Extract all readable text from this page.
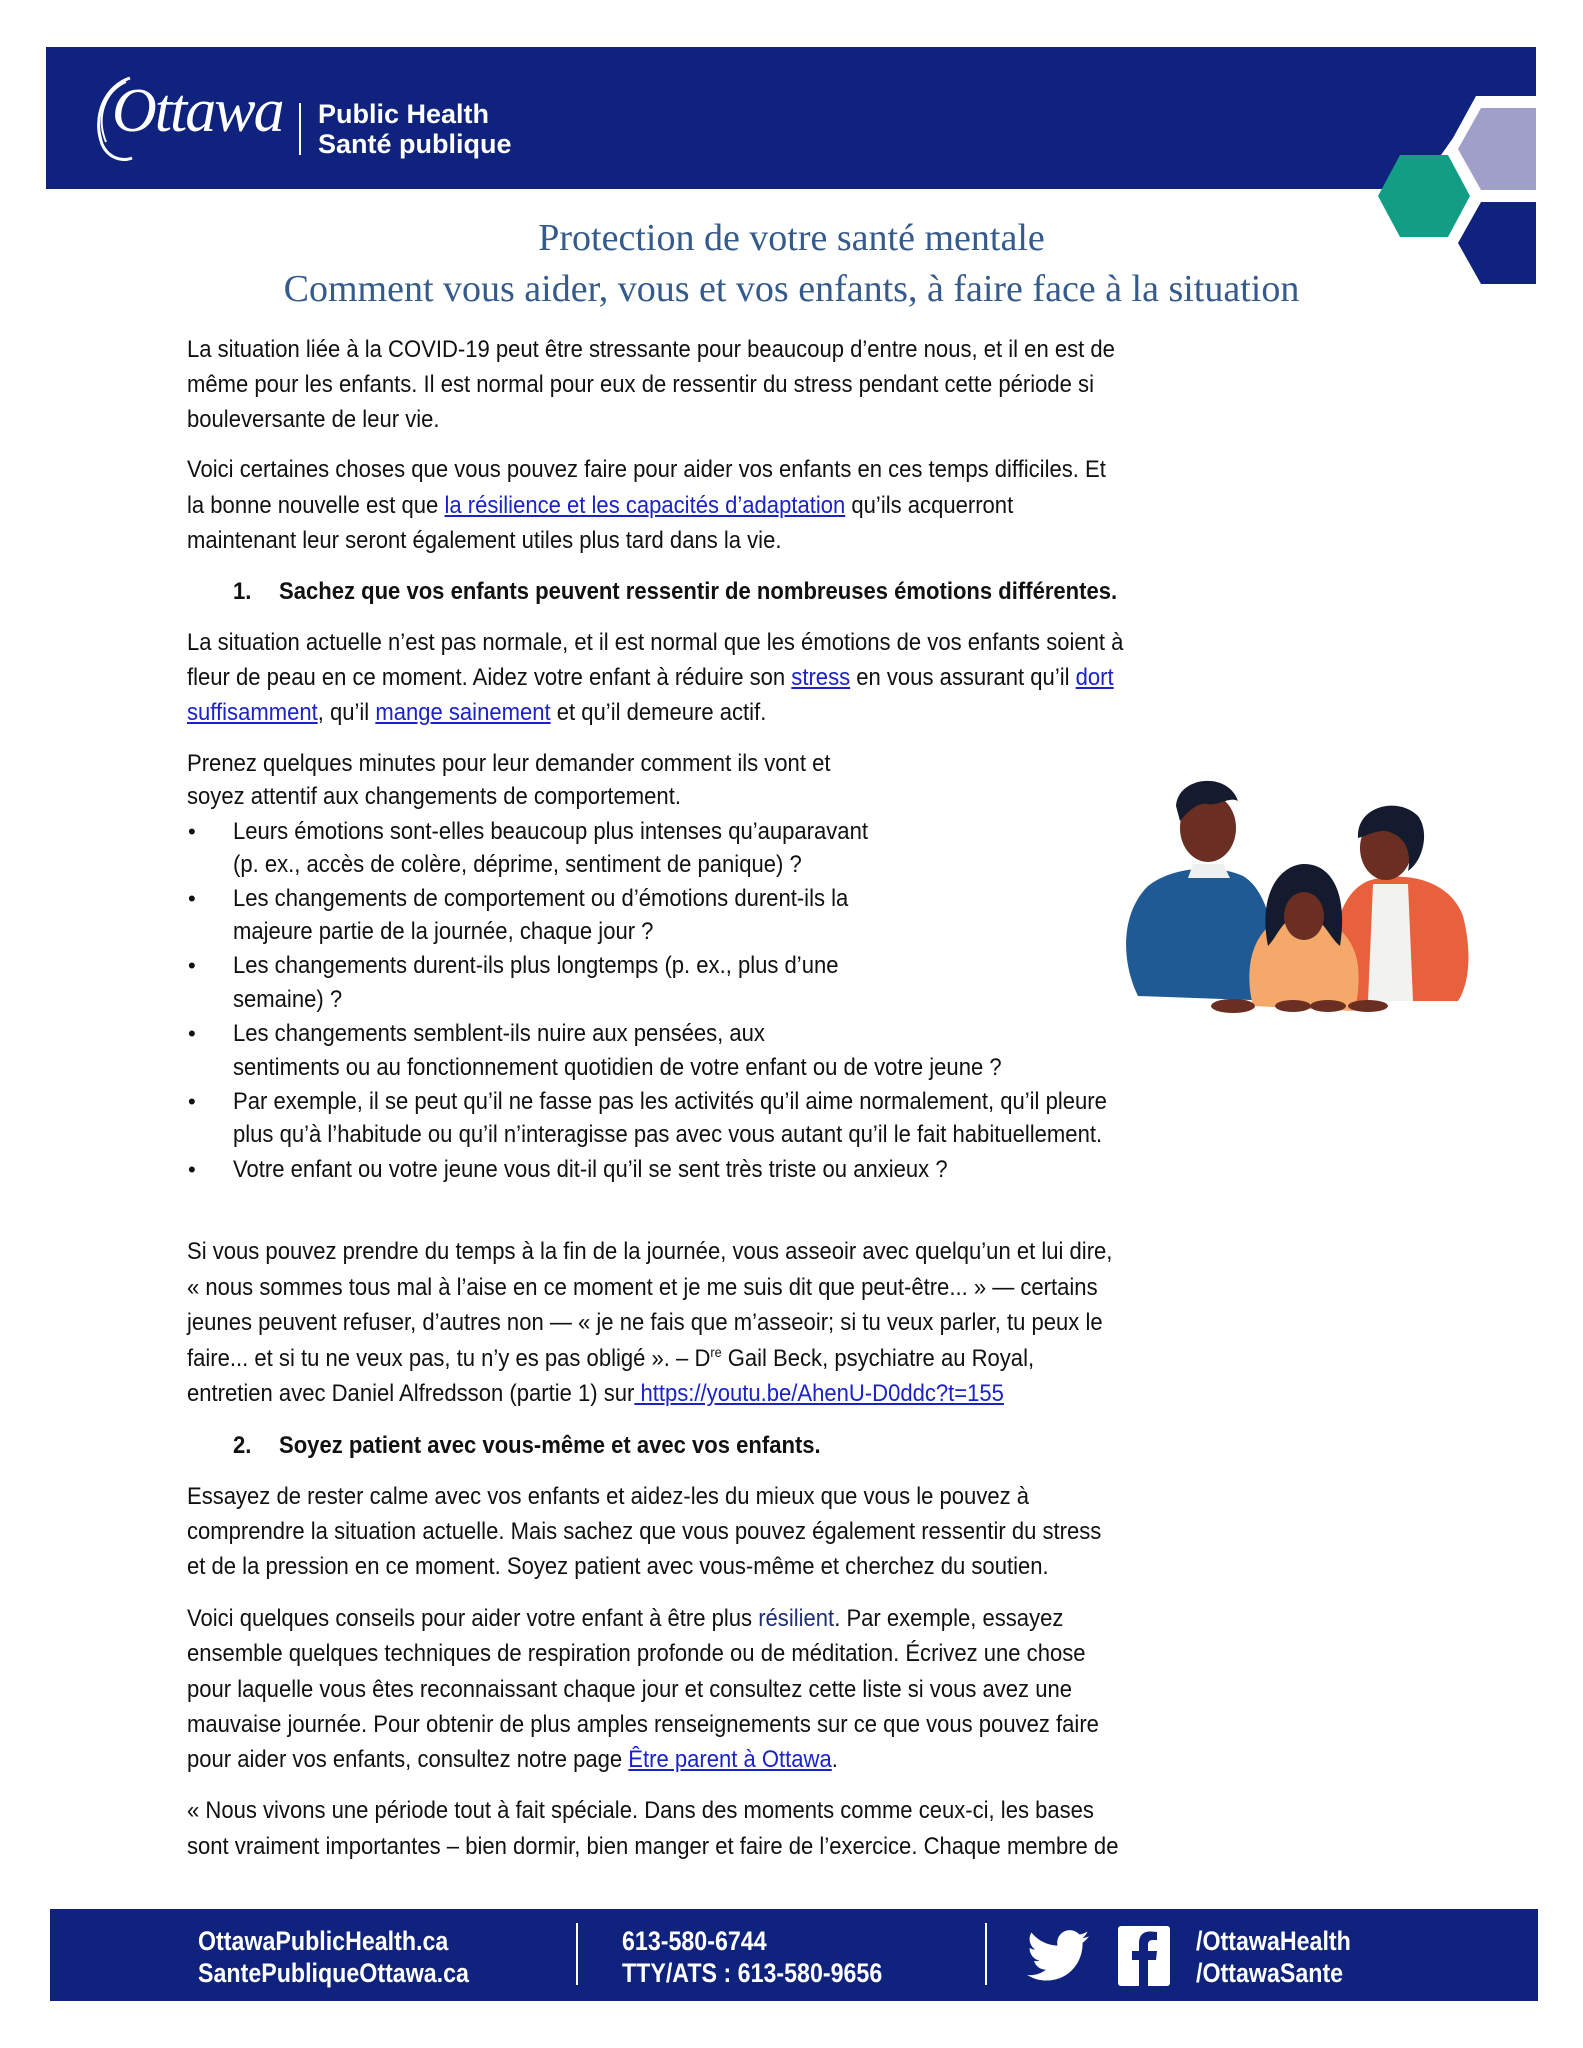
Ottawa Public Health
Santé publique
Protection de votre santé mentale
Comment vous aider, vous et vos enfants, à faire face à la situation
La situation liée à la COVID-19 peut être stressante pour beaucoup d’entre nous, et il en est de
même pour les enfants. Il est normal pour eux de ressentir du stress pendant cette période si
bouleversante de leur vie.
Voici certaines choses que vous pouvez faire pour aider vos enfants en ces temps difficiles. Et
la bonne nouvelle est que la résilience et les capacités d’adaptation qu’ils acquerront
maintenant leur seront également utiles plus tard dans la vie.
1. Sachez que vos enfants peuvent ressentir de nombreuses émotions différentes.
La situation actuelle n’est pas normale, et il est normal que les émotions de vos enfants soient à
fleur de peau en ce moment. Aidez votre enfant à réduire son stress en vous assurant qu’il dort
suffisamment, qu’il mange sainement et qu’il demeure actif.
Prenez quelques minutes pour leur demander comment ils vont et
soyez attentif aux changements de comportement.
• Leurs émotions sont-elles beaucoup plus intenses qu’auparavant
(p. ex., accès de colère, déprime, sentiment de panique) ?
• Les changements de comportement ou d’émotions durent-ils la
majeure partie de la journée, chaque jour ?
• Les changements durent-ils plus longtemps (p. ex., plus d’une
semaine) ?
• Les changements semblent-ils nuire aux pensées, aux
sentiments ou au fonctionnement quotidien de votre enfant ou de votre jeune ?
• Par exemple, il se peut qu’il ne fasse pas les activités qu’il aime normalement, qu’il pleure
plus qu’à l’habitude ou qu’il n’interagisse pas avec vous autant qu’il le fait habituellement.
• Votre enfant ou votre jeune vous dit-il qu’il se sent très triste ou anxieux ?
Si vous pouvez prendre du temps à la fin de la journée, vous asseoir avec quelqu’un et lui dire,
« nous sommes tous mal à l’aise en ce moment et je me suis dit que peut-être... » — certains
jeunes peuvent refuser, d’autres non — « je ne fais que m’asseoir; si tu veux parler, tu peux le
faire... et si tu ne veux pas, tu n’y es pas obligé ». – Dre Gail Beck, psychiatre au Royal,
entretien avec Daniel Alfredsson (partie 1) sur https://youtu.be/AhenU-D0ddc?t=155
2. Soyez patient avec vous-même et avec vos enfants.
Essayez de rester calme avec vos enfants et aidez-les du mieux que vous le pouvez à
comprendre la situation actuelle. Mais sachez que vous pouvez également ressentir du stress
et de la pression en ce moment. Soyez patient avec vous-même et cherchez du soutien.
Voici quelques conseils pour aider votre enfant à être plus résilient. Par exemple, essayez
ensemble quelques techniques de respiration profonde ou de méditation. Écrivez une chose
pour laquelle vous êtes reconnaissant chaque jour et consultez cette liste si vous avez une
mauvaise journée. Pour obtenir de plus amples renseignements sur ce que vous pouvez faire
pour aider vos enfants, consultez notre page Être parent à Ottawa.
« Nous vivons une période tout à fait spéciale. Dans des moments comme ceux-ci, les bases
sont vraiment importantes – bien dormir, bien manger et faire de l’exercice. Chaque membre de
OttawaPublicHealth.ca
SantePubliqueOttawa.ca
613-580-6744
TTY/ATS : 613-580-9656
/OttawaHealth
/OttawaSante
